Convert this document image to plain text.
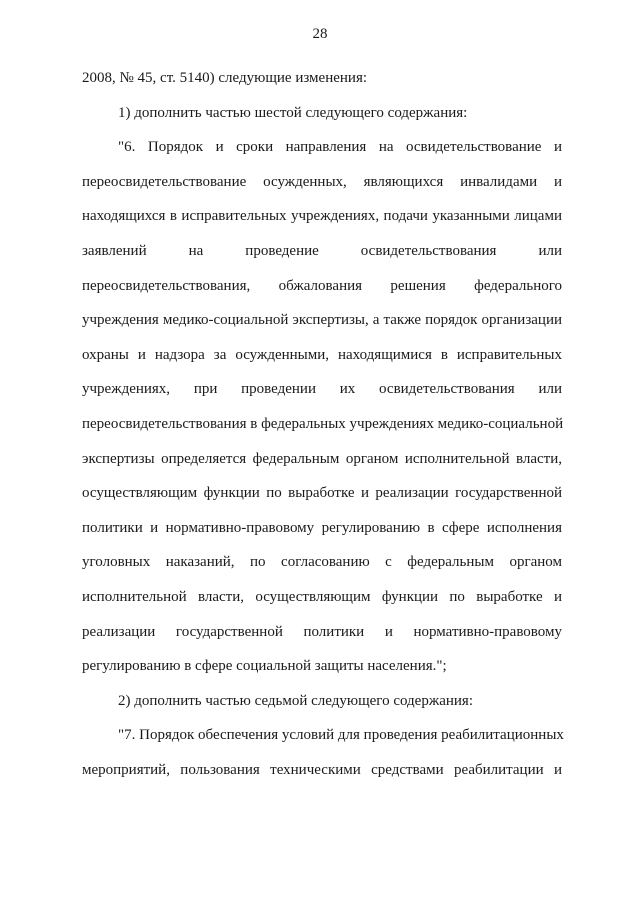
28
2008, № 45, ст. 5140) следующие изменения:
1) дополнить частью шестой следующего содержания:
"6. Порядок и сроки направления на освидетельствование и
переосвидетельствование осужденных, являющихся инвалидами и
находящихся в исправительных учреждениях, подачи указанными лицами
заявлений на проведение освидетельствования или
переосвидетельствования, обжалования решения федерального
учреждения медико-социальной экспертизы, а также порядок организации
охраны и надзора за осужденными, находящимися в исправительных
учреждениях, при проведении их освидетельствования или
переосвидетельствования в федеральных учреждениях медико-социальной
экспертизы определяется федеральным органом исполнительной власти,
осуществляющим функции по выработке и реализации государственной
политики и нормативно-правовому регулированию в сфере исполнения
уголовных наказаний, по согласованию с федеральным органом
исполнительной власти, осуществляющим функции по выработке и
реализации государственной политики и нормативно-правовому
регулированию в сфере социальной защиты населения.";
2) дополнить частью седьмой следующего содержания:
"7. Порядок обеспечения условий для проведения реабилитационных
мероприятий, пользования техническими средствами реабилитации и
